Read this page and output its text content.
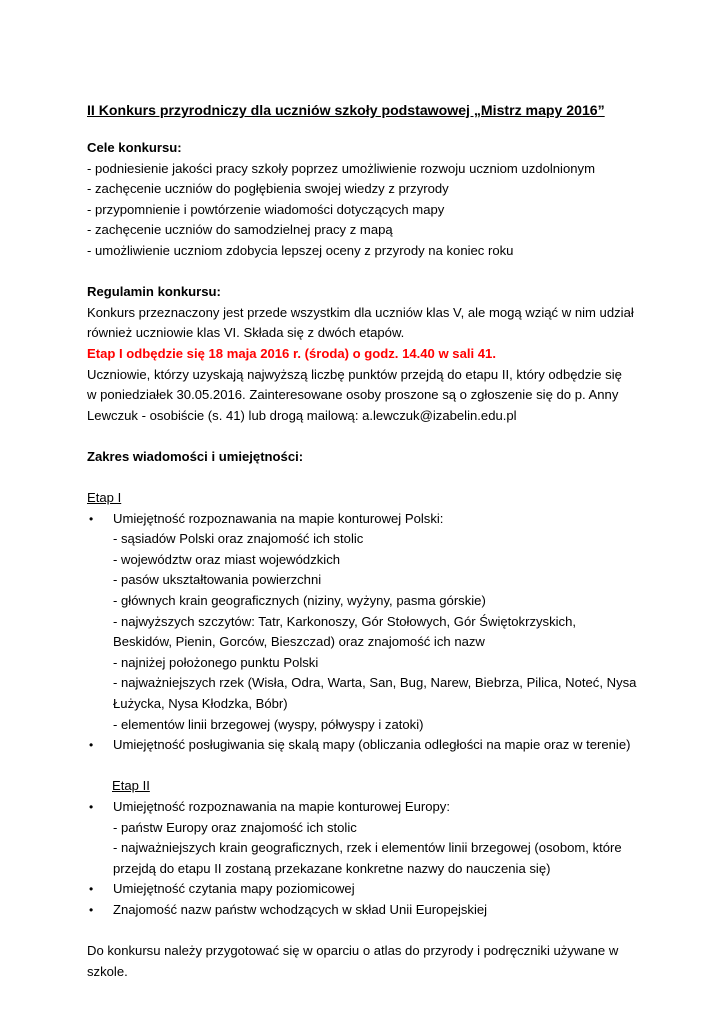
II Konkurs przyrodniczy dla uczniów szkoły podstawowej „Mistrz mapy 2016”
Cele konkursu:
- podniesienie jakości pracy szkoły poprzez umożliwienie rozwoju uczniom uzdolnionym
- zachęcenie uczniów do pogłębienia swojej wiedzy z przyrody
- przypomnienie i powtórzenie wiadomości dotyczących mapy
- zachęcenie uczniów do samodzielnej pracy z mapą
- umożliwienie uczniom zdobycia lepszej oceny z przyrody na koniec roku
Regulamin konkursu:
Konkurs przeznaczony jest przede wszystkim dla uczniów klas V, ale mogą wziąć w nim udział
również uczniowie klas VI. Składa się z dwóch etapów.
Etap I odbędzie się 18 maja 2016 r. (środa) o godz. 14.40 w sali 41.
Uczniowie, którzy uzyskają najwyższą liczbę punktów przejdą do etapu II, który odbędzie się
w poniedziałek 30.05.2016. Zainteresowane osoby proszone są o zgłoszenie się do p. Anny
Lewczuk - osobiście (s. 41) lub drogą mailową: a.lewczuk@izabelin.edu.pl
Zakres wiadomości i umiejętności:
Etap I
• Umiejętność rozpoznawania na mapie konturowej Polski:
- sąsiadów Polski oraz znajomość ich stolic
- województw oraz miast wojewódzkich
- pasów ukształtowania powierzchni
- głównych krain geograficznych (niziny, wyżyny, pasma górskie)
- najwyższych szczytów: Tatr, Karkonoszy, Gór Stołowych, Gór Świętokrzyskich,
Beskidów, Pienin, Gorców, Bieszczad) oraz znajomość ich nazw
- najniżej położonego punktu Polski
- najważniejszych rzek (Wisła, Odra, Warta, San, Bug, Narew, Biebrza, Pilica, Noteć, Nysa
Łużycka, Nysa Kłodzka, Bóbr)
- elementów linii brzegowej (wyspy, półwyspy i zatoki)
• Umiejętność posługiwania się skalą mapy (obliczania odległości na mapie oraz w terenie)
Etap II
• Umiejętność rozpoznawania na mapie konturowej Europy:
- państw Europy oraz znajomość ich stolic
- najważniejszych krain geograficznych, rzek i elementów linii brzegowej (osobom, które
przejdą do etapu II zostaną przekazane konkretne nazwy do nauczenia się)
• Umiejętność czytania mapy poziomicowej
• Znajomość nazw państw wchodzących w skład Unii Europejskiej
Do konkursu należy przygotować się w oparciu o atlas do przyrody i podręczniki używane w
szkole.
